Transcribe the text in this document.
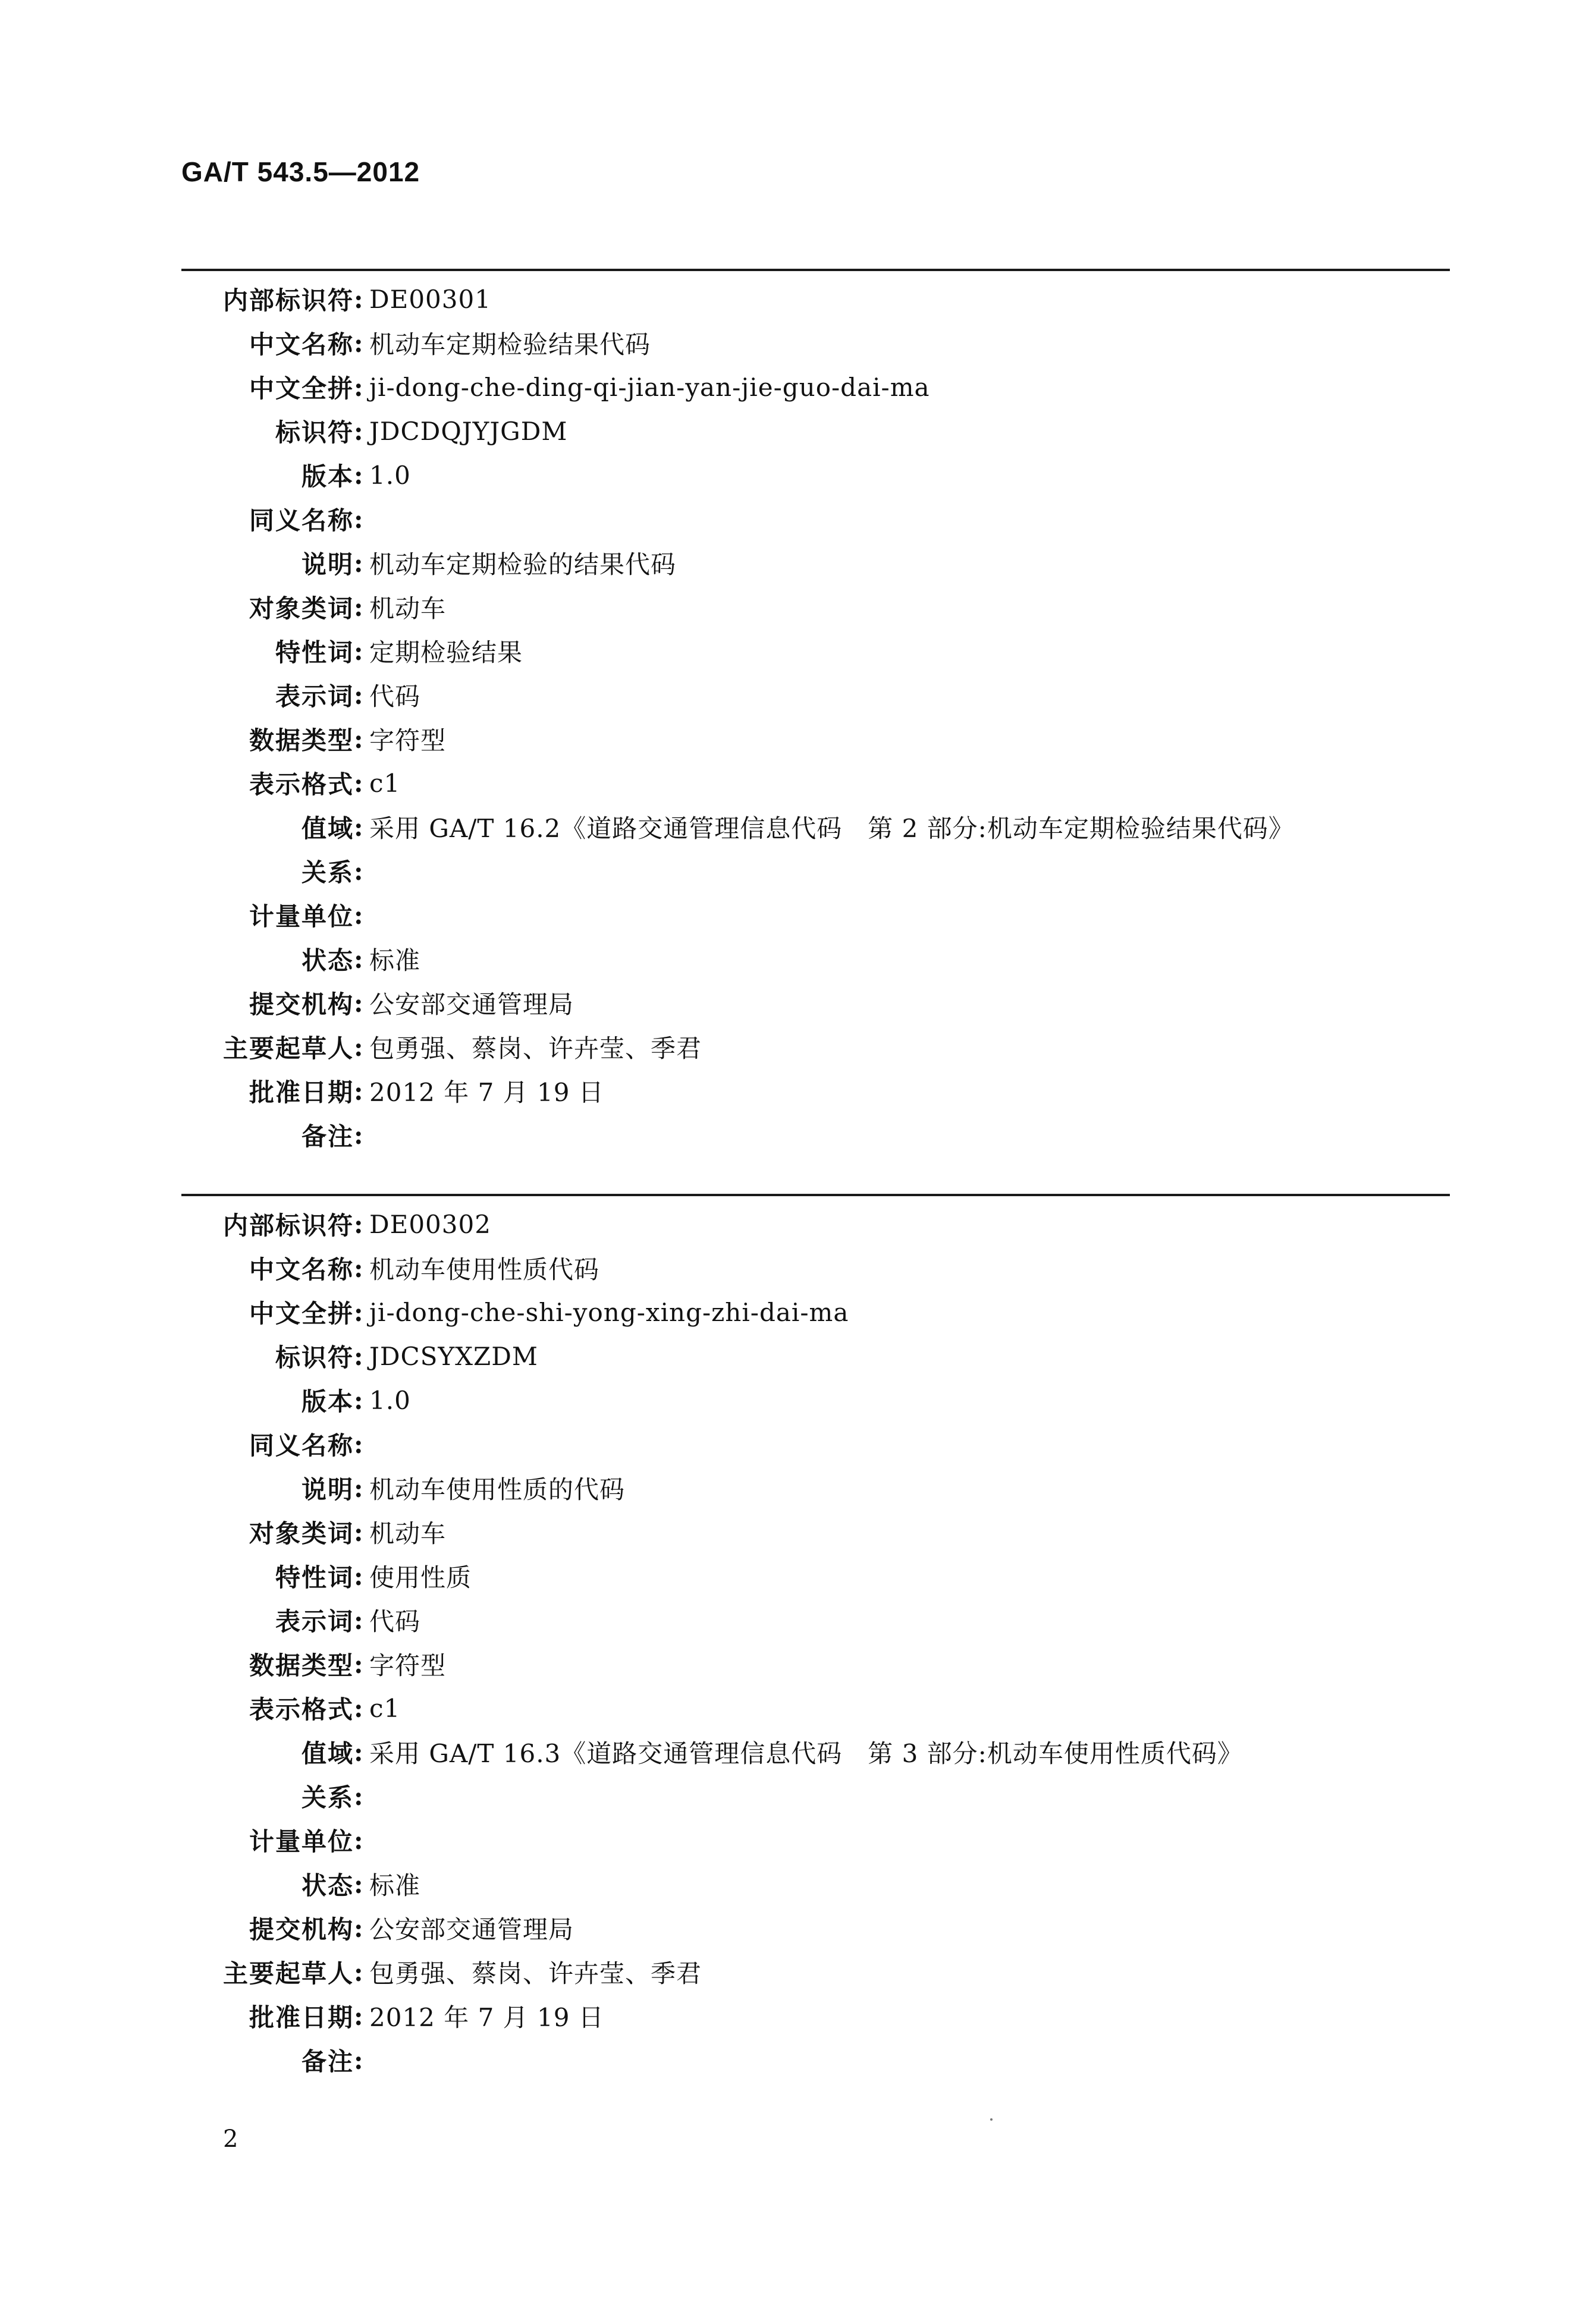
GA/T 543.5—2012
内部标识符 : DE00301
中文名称 : 机动车定期检验结果代码
中文全拼 : ji-dong-che-ding-qi-jian-yan-jie-guo-dai-ma
标识符 : JDCDQJYJGDM
版本 : 1.0
同义名称 :
说明 : 机动车定期检验的结果代码
对象类词 : 机动车
特性词 : 定期检验结果
表示词 : 代码
数据类型 : 字符型
表示格式 : c1
值域 : 采用 GA/T 16.2《道路交通管理信息代码　第 2 部分:机动车定期检验结果代码》
关系 :
计量单位 :
状态 : 标准
提交机构 : 公安部交通管理局
主要起草人 : 包勇强、蔡岗、许卉莹、季君
批准日期 : 2012 年 7 月 19 日
备注 :
内部标识符 : DE00302
中文名称 : 机动车使用性质代码
中文全拼 : ji-dong-che-shi-yong-xing-zhi-dai-ma
标识符 : JDCSYXZDM
版本 : 1.0
同义名称 :
说明 : 机动车使用性质的代码
对象类词 : 机动车
特性词 : 使用性质
表示词 : 代码
数据类型 : 字符型
表示格式 : c1
值域 : 采用 GA/T 16.3《道路交通管理信息代码　第 3 部分:机动车使用性质代码》
关系 :
计量单位 :
状态 : 标准
提交机构 : 公安部交通管理局
主要起草人 : 包勇强、蔡岗、许卉莹、季君
批准日期 : 2012 年 7 月 19 日
备注 :
2
